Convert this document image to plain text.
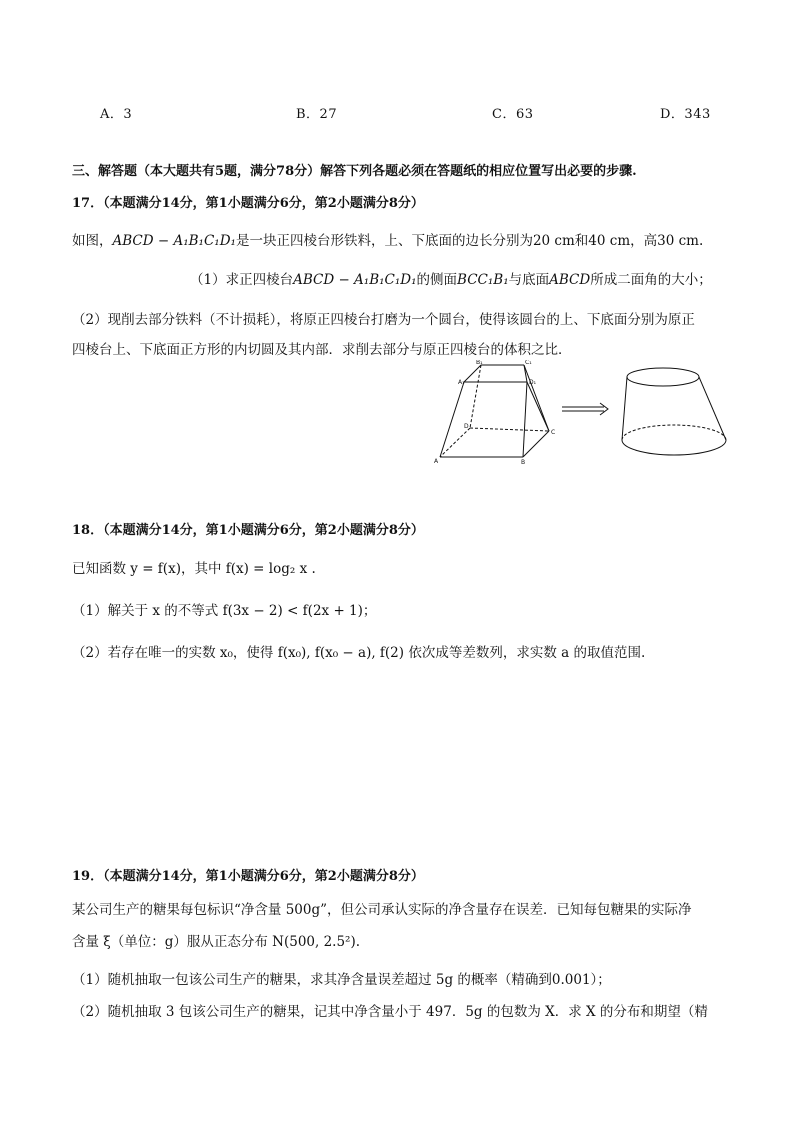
A．3	B．27	C．63	D．343
三、解答题（本大题共有5题，满分78分）解答下列各题必须在答题纸的相应位置写出必要的步骤.
17．（本题满分14分，第1小题满分6分，第2小题满分8分）
如图，ABCD − A₁B₁C₁D₁是一块正四棱台形铁料，上、下底面的边长分别为20 cm和40 cm，高30 cm.
（1）求正四棱台ABCD − A₁B₁C₁D₁的侧面BCC₁B₁与底面ABCD所成二面角的大小；
（2）现削去部分铁料（不计损耗），将原正四棱台打磨为一个圆台，使得该圆台的上、下底面分别为原正
四棱台上、下底面正方形的内切圆及其内部．求削去部分与原正四棱台的体积之比．
A₁
B₁	C₁
D₁
A	B
C
D
18．（本题满分14分，第1小题满分6分，第2小题满分8分）
已知函数 y = f(x)，其中 f(x) = log₂ x .
（1）解关于 x 的不等式 f(3x − 2) < f(2x + 1)；
（2）若存在唯一的实数 x₀，使得 f(x₀), f(x₀ − a), f(2) 依次成等差数列，求实数 a 的取值范围.
19．（本题满分14分，第1小题满分6分，第2小题满分8分）
某公司生产的糖果每包标识“净含量 500g”，但公司承认实际的净含量存在误差．已知每包糖果的实际净
含量 ξ（单位：g）服从正态分布 N(500, 2.5²).
（1）随机抽取一包该公司生产的糖果，求其净含量误差超过 5g 的概率（精确到0.001）；
（2）随机抽取 3 包该公司生产的糖果，记其中净含量小于 497．5g 的包数为 X．求 X 的分布和期望（精
